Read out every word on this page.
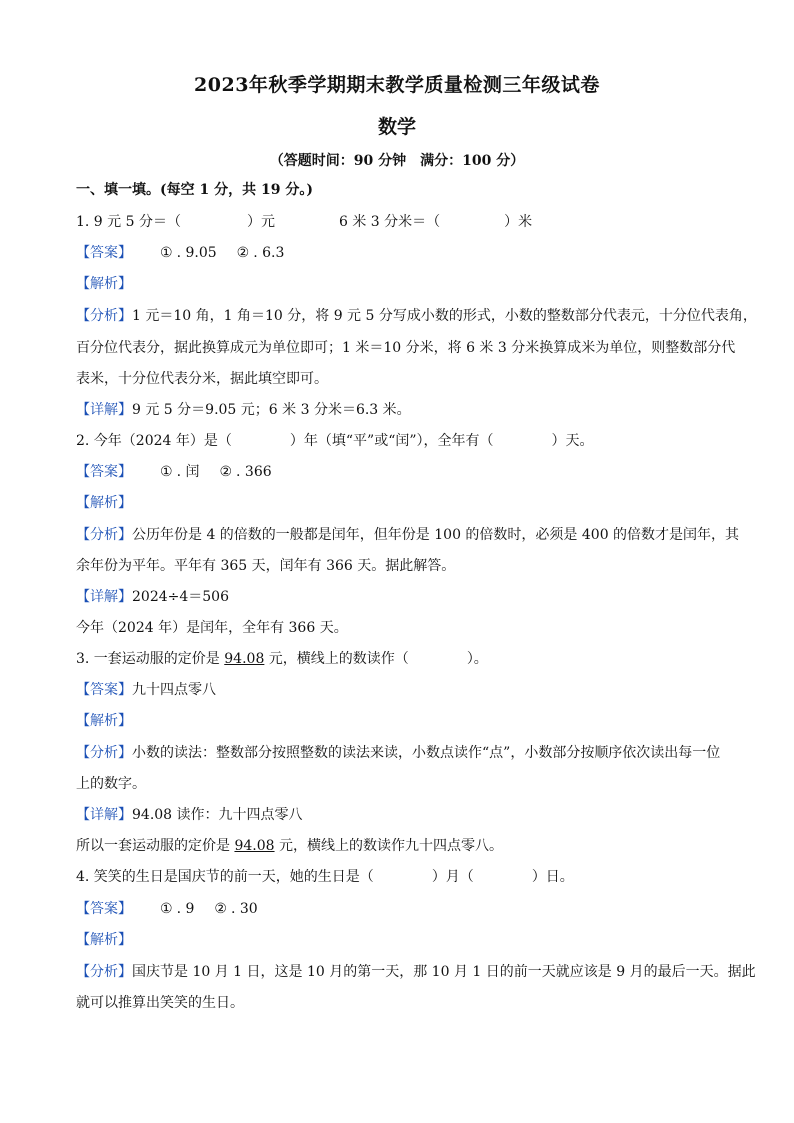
2023年秋季学期期末教学质量检测三年级试卷
数学
（答题时间：90 分钟　满分：100 分）
一、填一填。(每空 1 分，共 19 分。)
1. 9 元 5 分＝（	）元	6 米 3 分米＝（	）米
【答案】 ① . 9.05 ② . 6.3
【解析】
【分析】1 元＝10 角，1 角＝10 分，将 9 元 5 分写成小数的形式，小数的整数部分代表元，十分位代表角，
百分位代表分，据此换算成元为单位即可；1 米＝10 分米，将 6 米 3 分米换算成米为单位，则整数部分代
表米，十分位代表分米，据此填空即可。
【详解】9 元 5 分＝9.05 元；6 米 3 分米＝6.3 米。
2. 今年（2024 年）是（	）年（填“平”或“闰”），全年有（	）天。
【答案】 ① . 闰 ② . 366
【解析】
【分析】公历年份是 4 的倍数的一般都是闰年，但年份是 100 的倍数时，必须是 400 的倍数才是闰年，其
余年份为平年。平年有 365 天，闰年有 366 天。据此解答。
【详解】2024÷4＝506
今年（2024 年）是闰年，全年有 366 天。
3. 一套运动服的定价是 94.08 元，横线上的数读作（	）。
【答案】九十四点零八
【解析】
【分析】小数的读法：整数部分按照整数的读法来读，小数点读作“点”，小数部分按顺序依次读出每一位
上的数字。
【详解】94.08 读作：九十四点零八
所以一套运动服的定价是 94.08 元，横线上的数读作九十四点零八。
4. 笑笑的生日是国庆节的前一天，她的生日是（	）月（	）日。
【答案】 ① . 9 ② . 30
【解析】
【分析】国庆节是 10 月 1 日，这是 10 月的第一天，那 10 月 1 日的前一天就应该是 9 月的最后一天。据此
就可以推算出笑笑的生日。
